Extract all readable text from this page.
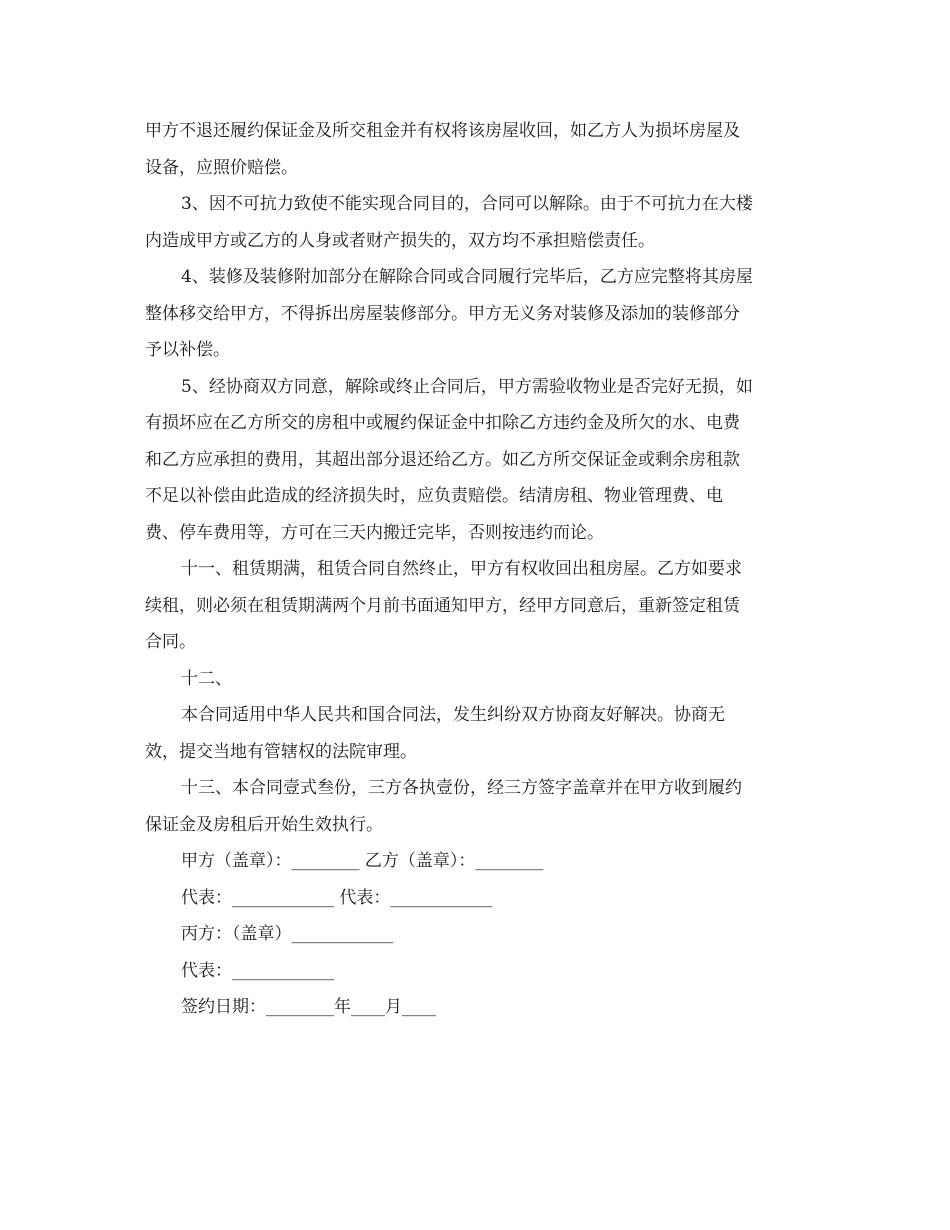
甲方不退还履约保证金及所交租金并有权将该房屋收回，如乙方人为损坏房屋及
设备，应照价赔偿。
3、因不可抗力致使不能实现合同目的，合同可以解除。由于不可抗力在大楼
内造成甲方或乙方的人身或者财产损失的，双方均不承担赔偿责任。
4、装修及装修附加部分在解除合同或合同履行完毕后，乙方应完整将其房屋
整体移交给甲方，不得拆出房屋装修部分。甲方无义务对装修及添加的装修部分
予以补偿。
5、经协商双方同意，解除或终止合同后，甲方需验收物业是否完好无损，如
有损坏应在乙方所交的房租中或履约保证金中扣除乙方违约金及所欠的水、电费
和乙方应承担的费用，其超出部分退还给乙方。如乙方所交保证金或剩余房租款
不足以补偿由此造成的经济损失时，应负责赔偿。结清房租、物业管理费、电
费、停车费用等，方可在三天内搬迁完毕，否则按违约而论。
十一、租赁期满，租赁合同自然终止，甲方有权收回出租房屋。乙方如要求
续租，则必须在租赁期满两个月前书面通知甲方，经甲方同意后，重新签定租赁
合同。
十二、
本合同适用中华人民共和国合同法，发生纠纷双方协商友好解决。协商无
效，提交当地有管辖权的法院审理。
十三、本合同壹式叁份，三方各执壹份，经三方签字盖章并在甲方收到履约
保证金及房租后开始生效执行。
甲方（盖章）：________ 乙方（盖章）：________
代表：____________ 代表：____________
丙方：（盖章）____________
代表：____________
签约日期：________年____月____
